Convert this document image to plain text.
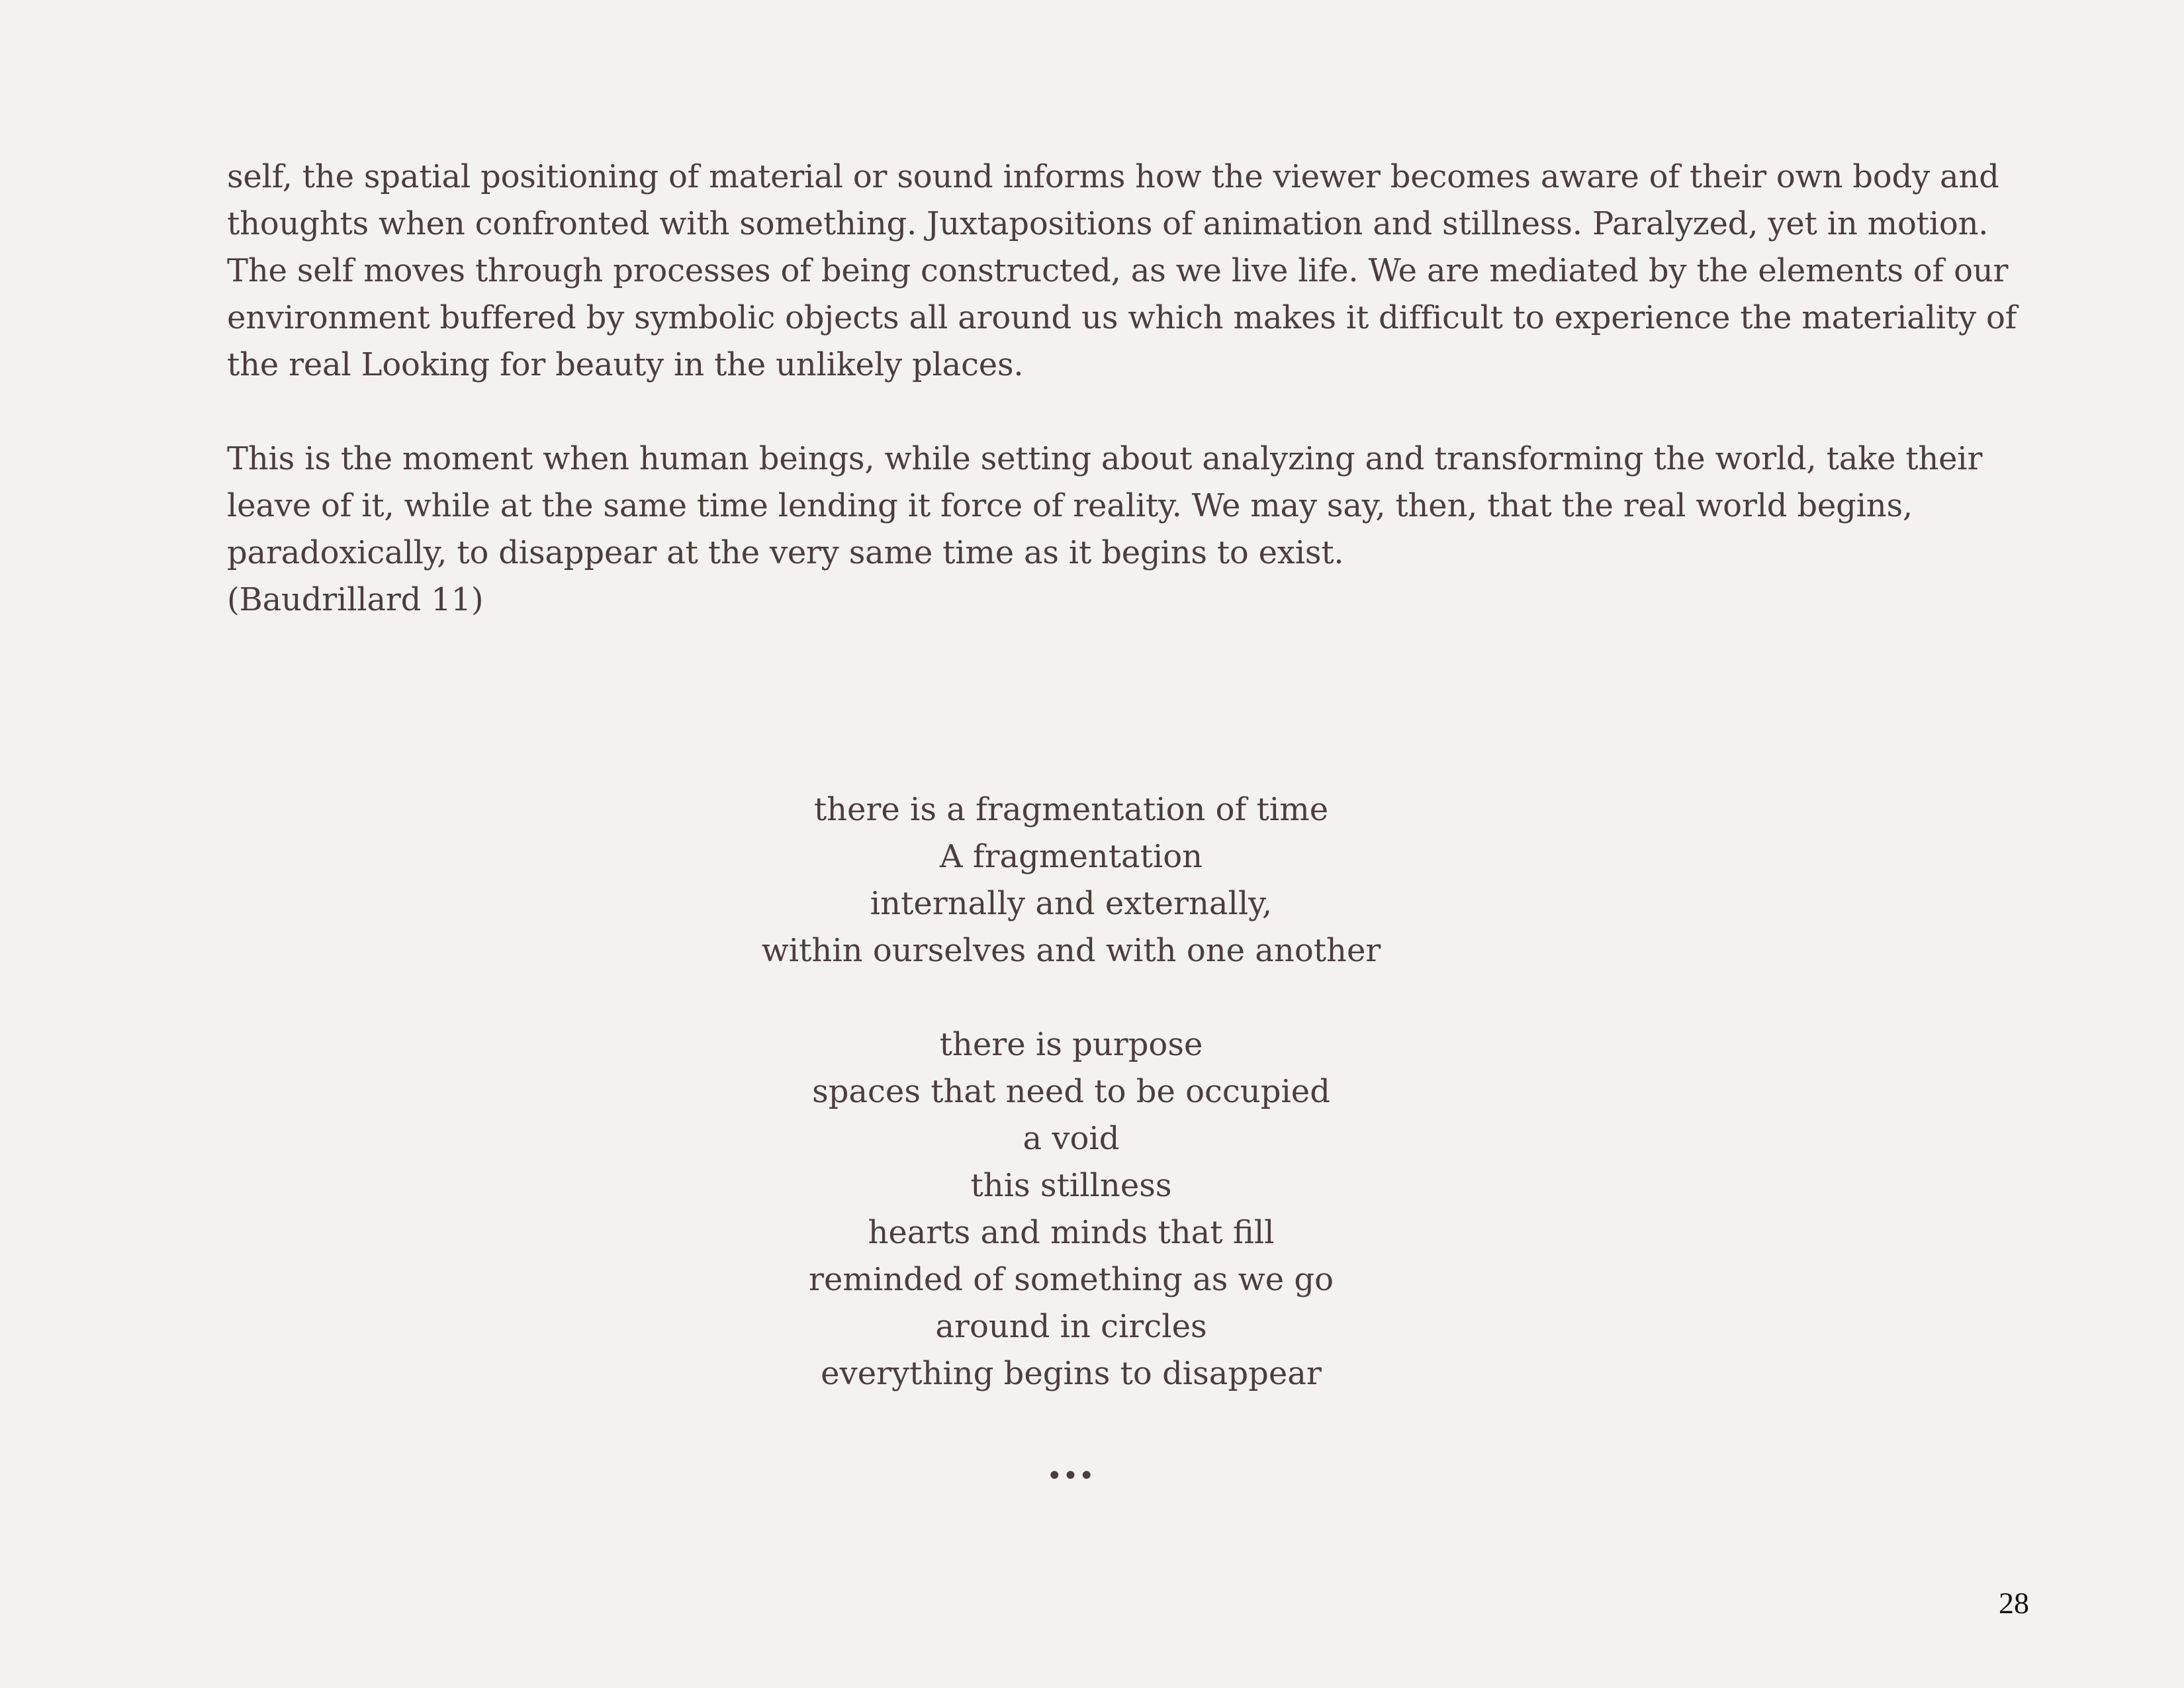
self, the spatial positioning of material or sound informs how the viewer becomes aware of their own body and
thoughts when confronted with something. Juxtapositions of animation and stillness. Paralyzed, yet in motion.
The self moves through processes of being constructed, as we live life. We are mediated by the elements of our
environment buffered by symbolic objects all around us which makes it difficult to experience the materiality of
the real Looking for beauty in the unlikely places.

This is the moment when human beings, while setting about analyzing and transforming the world, take their
leave of it, while at the same time lending it force of reality. We may say, then, that the real world begins,
paradoxically, to disappear at the very same time as it begins to exist.
(Baudrillard 11)

there is a fragmentation of time
A fragmentation
internally and externally,
within ourselves and with one another
there is purpose
spaces that need to be occupied
a void
this stillness
hearts and minds that fill
reminded of something as we go
around in circles
everything begins to disappear
...
28
